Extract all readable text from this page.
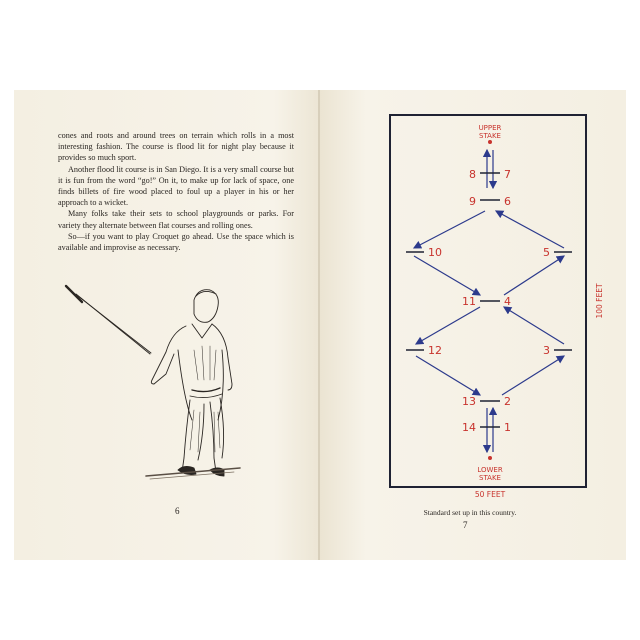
cones and roots and around trees on terrain which rolls in a most interesting fashion. The course is flood lit for night play because it provides so much sport.

Another flood lit course is in San Diego. It is a very small course but it is fun from the word “go!” On it, to make up for lack of space, one finds billets of fire wood placed to foul up a player in his or her approach to a wicket.

Many folks take their sets to school playgrounds or parks. For variety they alternate between flat courses and rolling ones.

So—if you want to play Croquet go ahead. Use the space which is available and improvise as necessary.

6
UPPER
STAKE
LOWER
STAKE
50 FEET
100 FEET
8	7
9	6
10	5
11	4
12	3
13	2
14	1
Standard set up in this country.
7
